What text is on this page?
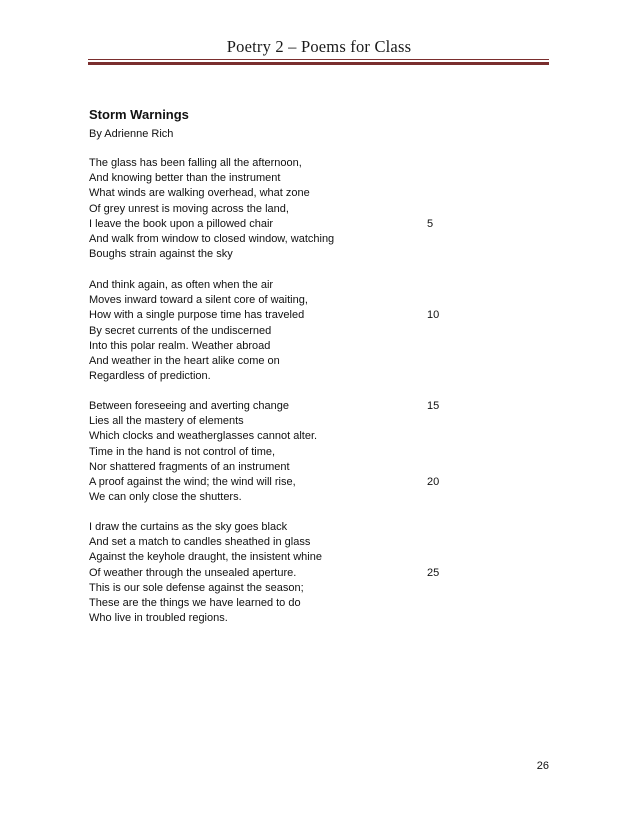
Poetry 2 – Poems for Class
Storm Warnings
By Adrienne Rich
The glass has been falling all the afternoon,
And knowing better than the instrument
What winds are walking overhead, what zone
Of grey unrest is moving across the land,
I leave the book upon a pillowed chair	5
And walk from window to closed window, watching
Boughs strain against the sky
And think again, as often when the air
Moves inward toward a silent core of waiting,
How with a single purpose time has traveled	10
By secret currents of the undiscerned
Into this polar realm. Weather abroad
And weather in the heart alike come on
Regardless of prediction.
Between foreseeing and averting change	15
Lies all the mastery of elements
Which clocks and weatherglasses cannot alter.
Time in the hand is not control of time,
Nor shattered fragments of an instrument
A proof against the wind; the wind will rise,	20
We can only close the shutters.
I draw the curtains as the sky goes black
And set a match to candles sheathed in glass
Against the keyhole draught, the insistent whine
Of weather through the unsealed aperture.	25
This is our sole defense against the season;
These are the things we have learned to do
Who live in troubled regions.
26
